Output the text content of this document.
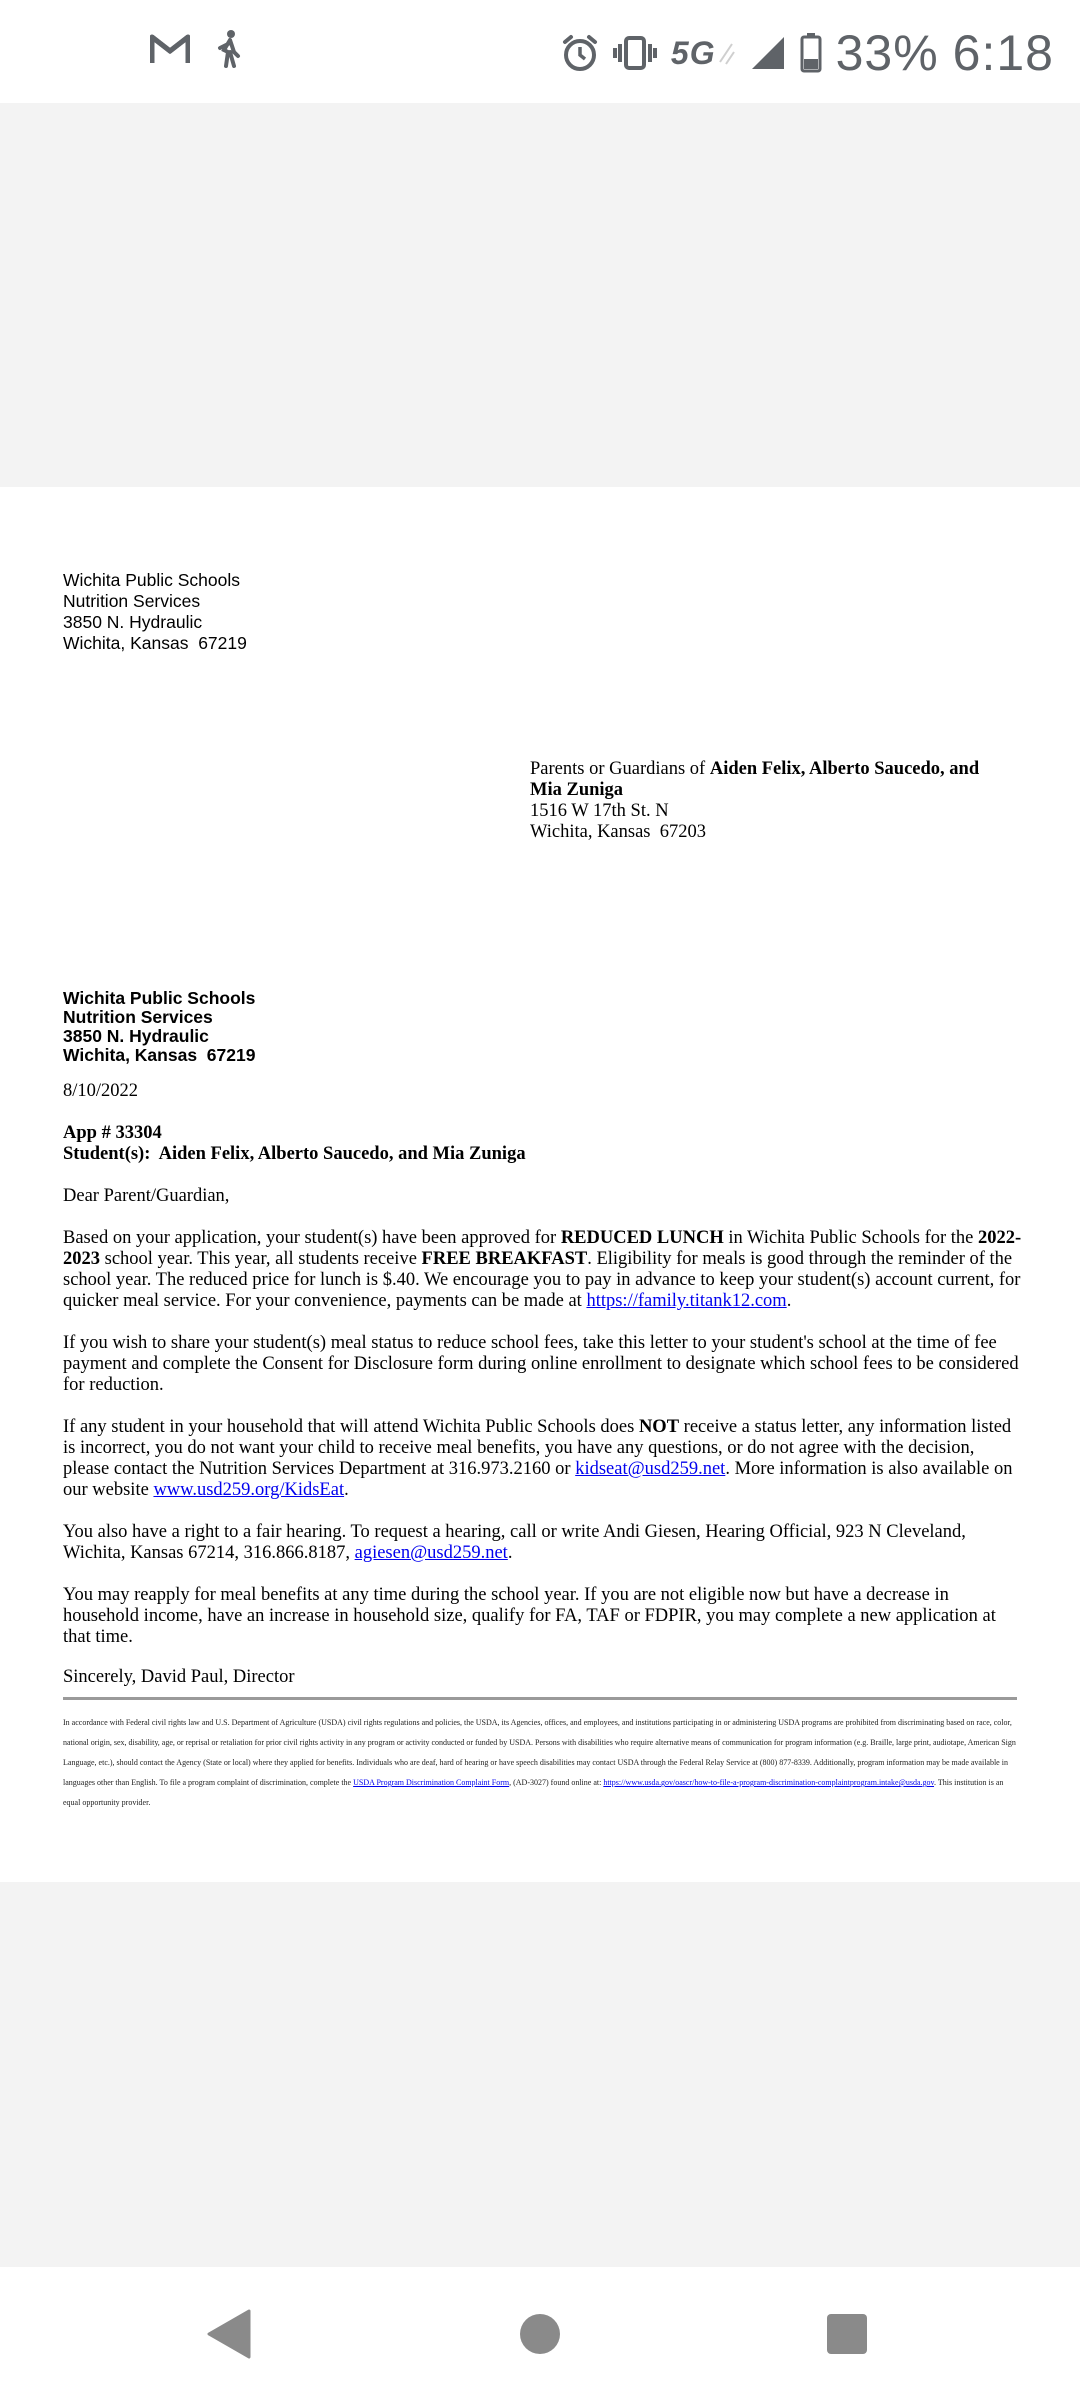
5G 33% 6:18
Wichita Public Schools
Nutrition Services
3850 N. Hydraulic
Wichita, Kansas  67219
Parents or Guardians of Aiden Felix, Alberto Saucedo, and Mia Zuniga
1516 W 17th St. N
Wichita, Kansas  67203
Wichita Public Schools
Nutrition Services
3850 N. Hydraulic
Wichita, Kansas  67219
8/10/2022
App # 33304
Student(s):  Aiden Felix, Alberto Saucedo, and Mia Zuniga
Dear Parent/Guardian,

Based on your application, your student(s) have been approved for REDUCED LUNCH in Wichita Public Schools for the 2022-2023 school year. This year, all students receive FREE BREAKFAST. Eligibility for meals is good through the reminder of the school year. The reduced price for lunch is $.40. We encourage you to pay in advance to keep your student(s) account current, for quicker meal service. For your convenience, payments can be made at https://family.titank12.com.

If you wish to share your student(s) meal status to reduce school fees, take this letter to your student's school at the time of fee payment and complete the Consent for Disclosure form during online enrollment to designate which school fees to be considered for reduction.

If any student in your household that will attend Wichita Public Schools does NOT receive a status letter, any information listed is incorrect, you do not want your child to receive meal benefits, you have any questions, or do not agree with the decision, please contact the Nutrition Services Department at 316.973.2160 or kidseat@usd259.net. More information is also available on our website www.usd259.org/KidsEat.

You also have a right to a fair hearing. To request a hearing, call or write Andi Giesen, Hearing Official, 923 N Cleveland, Wichita, Kansas 67214, 316.866.8187, agiesen@usd259.net.

You may reapply for meal benefits at any time during the school year. If you are not eligible now but have a decrease in household income, have an increase in household size, qualify for FA, TAF or FDPIR, you may complete a new application at that time.

Sincerely, David Paul, Director
In accordance with Federal civil rights law and U.S. Department of Agriculture (USDA) civil rights regulations and policies, the USDA, its Agencies, offices, and employees, and institutions participating in or administering USDA programs are prohibited from discriminating based on race, color, national origin, sex, disability, age, or reprisal or retaliation for prior civil rights activity in any program or activity conducted or funded by USDA. Persons with disabilities who require alternative means of communication for program information (e.g. Braille, large print, audiotape, American Sign Language, etc.), should contact the Agency (State or local) where they applied for benefits. Individuals who are deaf, hard of hearing or have speech disabilities may contact USDA through the Federal Relay Service at (800) 877-8339. Additionally, program information may be made available in languages other than English. To file a program complaint of discrimination, complete the USDA Program Discrimination Complaint Form, (AD-3027) found online at: https://www.usda.gov/oascr/how-to-file-a-program-discrimination-complaintprogram.intake@usda.gov. This institution is an equal opportunity provider.
